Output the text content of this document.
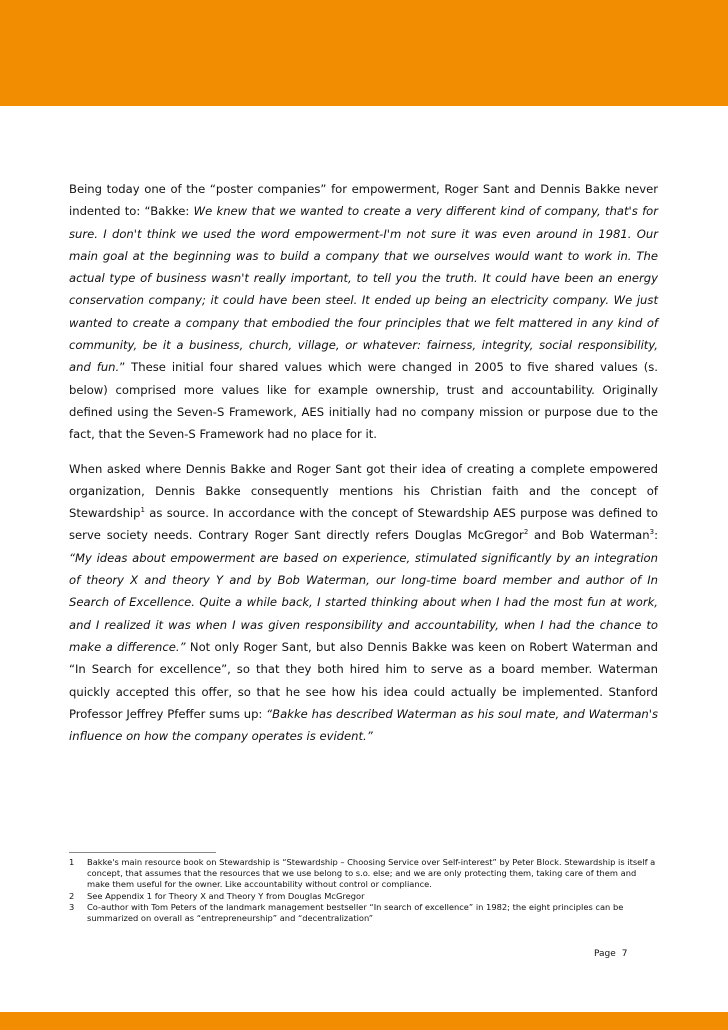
Being today one of the “poster companies” for empowerment, Roger Sant and Dennis Bakke never indented to: “Bakke: We knew that we wanted to create a very different kind of company, that's for sure. I don't think we used the word empowerment-I'm not sure it was even around in 1981. Our main goal at the beginning was to build a company that we ourselves would want to work in. The actual type of business wasn't really important, to tell you the truth. It could have been an energy conservation company; it could have been steel. It ended up being an electricity company. We just wanted to create a company that embodied the four principles that we felt mattered in any kind of community, be it a business, church, village, or whatever: fairness, integrity, social responsibility, and fun.” These initial four shared values which were changed in 2005 to five shared values (s. below) comprised more values like for example ownership, trust and accountability. Originally defined using the Seven-S Framework, AES initially had no company mission or purpose due to the fact, that the Seven-S Framework had no place for it.

When asked where Dennis Bakke and Roger Sant got their idea of creating a complete empowered organization, Dennis Bakke consequently mentions his Christian faith and the concept of Stewardship$^1$ as source. In accordance with the concept of Stewardship AES purpose was defined to serve society needs. Contrary Roger Sant directly refers Douglas McGregor$^2$ and Bob Waterman$^3$: “My ideas about empowerment are based on experience, stimulated significantly by an integration of theory X and theory Y and by Bob Waterman, our long-time board member and author of In Search of Excellence. Quite a while back, I started thinking about when I had the most fun at work, and I realized it was when I was given responsibility and accountability, when I had the chance to make a difference.” Not only Roger Sant, but also Dennis Bakke was keen on Robert Waterman and “In Search for excellence”, so that they both hired him to serve as a board member. Waterman quickly accepted this offer, so that he see how his idea could actually be implemented. Stanford Professor Jeffrey Pfeffer sums up: “Bakke has described Waterman as his soul mate, and Waterman's influence on how the company operates is evident.”

1	Bakke's main resource book on Stewardship is “Stewardship – Choosing Service over Self-interest” by Peter Block. Stewardship is itself a concept, that assumes that the resources that we use belong to s.o. else; and we are only protecting them, taking care of them and make them useful for the owner. Like accountability without control or compliance.
2	See Appendix 1 for Theory X and Theory Y from Douglas McGregor
3	Co-author with Tom Peters of the landmark management bestseller “In search of excellence” in 1982; the eight principles can be summarized on overall as “entrepreneurship” and “decentralization”
Page 7
